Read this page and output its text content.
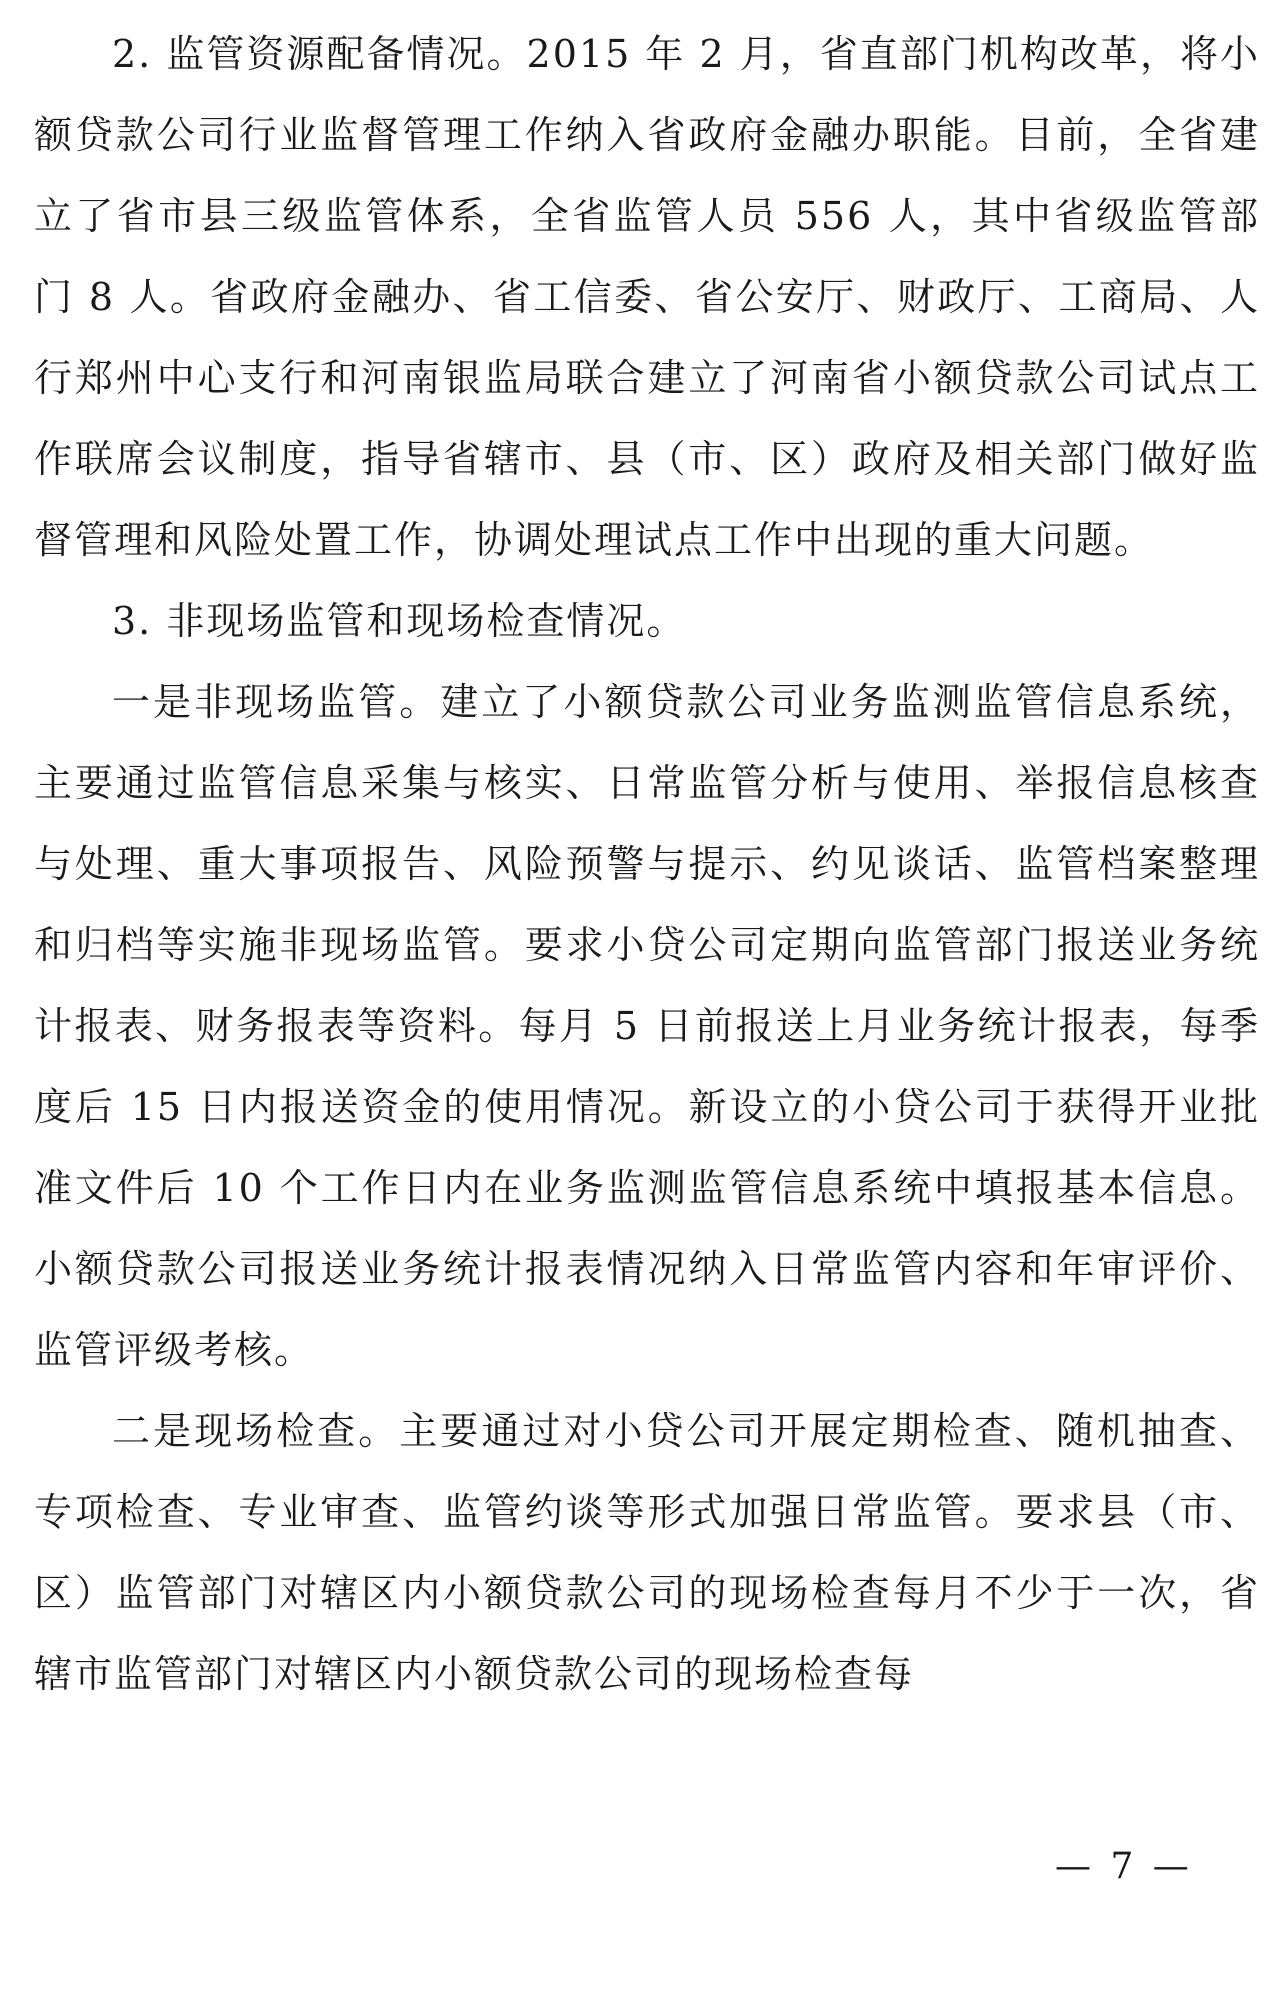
2. 监管资源配备情况。2015 年 2 月，省直部门机构改革，将小额贷款公司行业监督管理工作纳入省政府金融办职能。目前，全省建立了省市县三级监管体系，全省监管人员 556 人，其中省级监管部门 8 人。省政府金融办、省工信委、省公安厅、财政厅、工商局、人行郑州中心支行和河南银监局联合建立了河南省小额贷款公司试点工作联席会议制度，指导省辖市、县（市、区）政府及相关部门做好监督管理和风险处置工作，协调处理试点工作中出现的重大问题。

3. 非现场监管和现场检查情况。

一是非现场监管。建立了小额贷款公司业务监测监管信息系统，主要通过监管信息采集与核实、日常监管分析与使用、举报信息核查与处理、重大事项报告、风险预警与提示、约见谈话、监管档案整理和归档等实施非现场监管。要求小贷公司定期向监管部门报送业务统计报表、财务报表等资料。每月 5 日前报送上月业务统计报表，每季度后 15 日内报送资金的使用情况。新设立的小贷公司于获得开业批准文件后 10 个工作日内在业务监测监管信息系统中填报基本信息。小额贷款公司报送业务统计报表情况纳入日常监管内容和年审评价、监管评级考核。

二是现场检查。主要通过对小贷公司开展定期检查、随机抽查、专项检查、专业审查、监管约谈等形式加强日常监管。要求县（市、区）监管部门对辖区内小额贷款公司的现场检查每月不少于一次，省辖市监管部门对辖区内小额贷款公司的现场检查每

— 7 —
